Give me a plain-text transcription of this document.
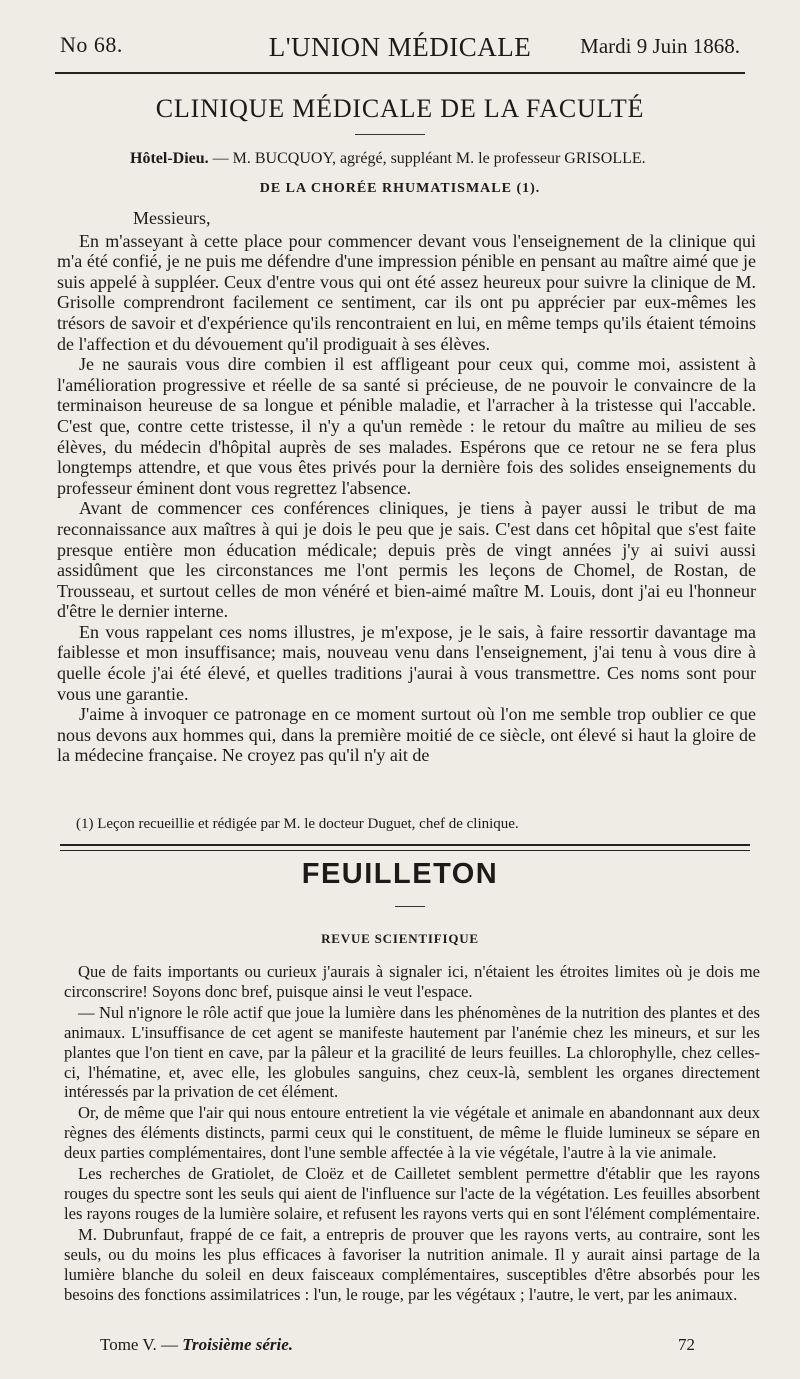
No 68.	L'UNION MÉDICALE	Mardi 9 Juin 1868.
CLINIQUE MÉDICALE DE LA FACULTÉ
Hôtel-Dieu. — M. BUCQUOY, agrégé, suppléant M. le professeur GRISOLLE.
DE LA CHORÉE RHUMATISMALE (1).

Messieurs,

En m'asseyant à cette place pour commencer devant vous l'enseignement de la clinique qui m'a été confié, je ne puis me défendre d'une impression pénible en pensant au maître aimé que je suis appelé à suppléer. Ceux d'entre vous qui ont été assez heureux pour suivre la clinique de M. Grisolle comprendront facilement ce sentiment, car ils ont pu apprécier par eux-mêmes les trésors de savoir et d'expérience qu'ils rencontraient en lui, en même temps qu'ils étaient témoins de l'affection et du dévouement qu'il prodiguait à ses élèves.

Je ne saurais vous dire combien il est affligeant pour ceux qui, comme moi, assistent à l'amélioration progressive et réelle de sa santé si précieuse, de ne pouvoir le convaincre de la terminaison heureuse de sa longue et pénible maladie, et l'arracher à la tristesse qui l'accable. C'est que, contre cette tristesse, il n'y a qu'un remède : le retour du maître au milieu de ses élèves, du médecin d'hôpital auprès de ses malades. Espérons que ce retour ne se fera plus longtemps attendre, et que vous êtes privés pour la dernière fois des solides enseignements du professeur éminent dont vous regrettez l'absence.

Avant de commencer ces conférences cliniques, je tiens à payer aussi le tribut de ma reconnaissance aux maîtres à qui je dois le peu que je sais. C'est dans cet hôpital que s'est faite presque entière mon éducation médicale; depuis près de vingt années j'y ai suivi aussi assidûment que les circonstances me l'ont permis les leçons de Chomel, de Rostan, de Trousseau, et surtout celles de mon vénéré et bien-aimé maître M. Louis, dont j'ai eu l'honneur d'être le dernier interne.

En vous rappelant ces noms illustres, je m'expose, je le sais, à faire ressortir davantage ma faiblesse et mon insuffisance; mais, nouveau venu dans l'enseignement, j'ai tenu à vous dire à quelle école j'ai été élevé, et quelles traditions j'aurai à vous transmettre. Ces noms sont pour vous une garantie.

J'aime à invoquer ce patronage en ce moment surtout où l'on me semble trop oublier ce que nous devons aux hommes qui, dans la première moitié de ce siècle, ont élevé si haut la gloire de la médecine française. Ne croyez pas qu'il n'y ait de

(1) Leçon recueillie et rédigée par M. le docteur Duguet, chef de clinique.
FEUILLETON
REVUE SCIENTIFIQUE

Que de faits importants ou curieux j'aurais à signaler ici, n'étaient les étroites limites où je dois me circonscrire! Soyons donc bref, puisque ainsi le veut l'espace.

— Nul n'ignore le rôle actif que joue la lumière dans les phénomènes de la nutrition des plantes et des animaux. L'insuffisance de cet agent se manifeste hautement par l'anémie chez les mineurs, et sur les plantes que l'on tient en cave, par la pâleur et la gracilité de leurs feuilles. La chlorophylle, chez celles-ci, l'hématine, et, avec elle, les globules sanguins, chez ceux-là, semblent les organes directement intéressés par la privation de cet élément.

Or, de même que l'air qui nous entoure entretient la vie végétale et animale en abandonnant aux deux règnes des éléments distincts, parmi ceux qui le constituent, de même le fluide lumineux se sépare en deux parties complémentaires, dont l'une semble affectée à la vie végétale, l'autre à la vie animale.

Les recherches de Gratiolet, de Cloëz et de Cailletet semblent permettre d'établir que les rayons rouges du spectre sont les seuls qui aient de l'influence sur l'acte de la végétation. Les feuilles absorbent les rayons rouges de la lumière solaire, et refusent les rayons verts qui en sont l'élément complémentaire.

M. Dubrunfaut, frappé de ce fait, a entrepris de prouver que les rayons verts, au contraire, sont les seuls, ou du moins les plus efficaces à favoriser la nutrition animale. Il y aurait ainsi partage de la lumière blanche du soleil en deux faisceaux complémentaires, susceptibles d'être absorbés pour les besoins des fonctions assimilatrices : l'un, le rouge, par les végétaux ; l'autre, le vert, par les animaux.

Tome V. — Troisième série.	72
